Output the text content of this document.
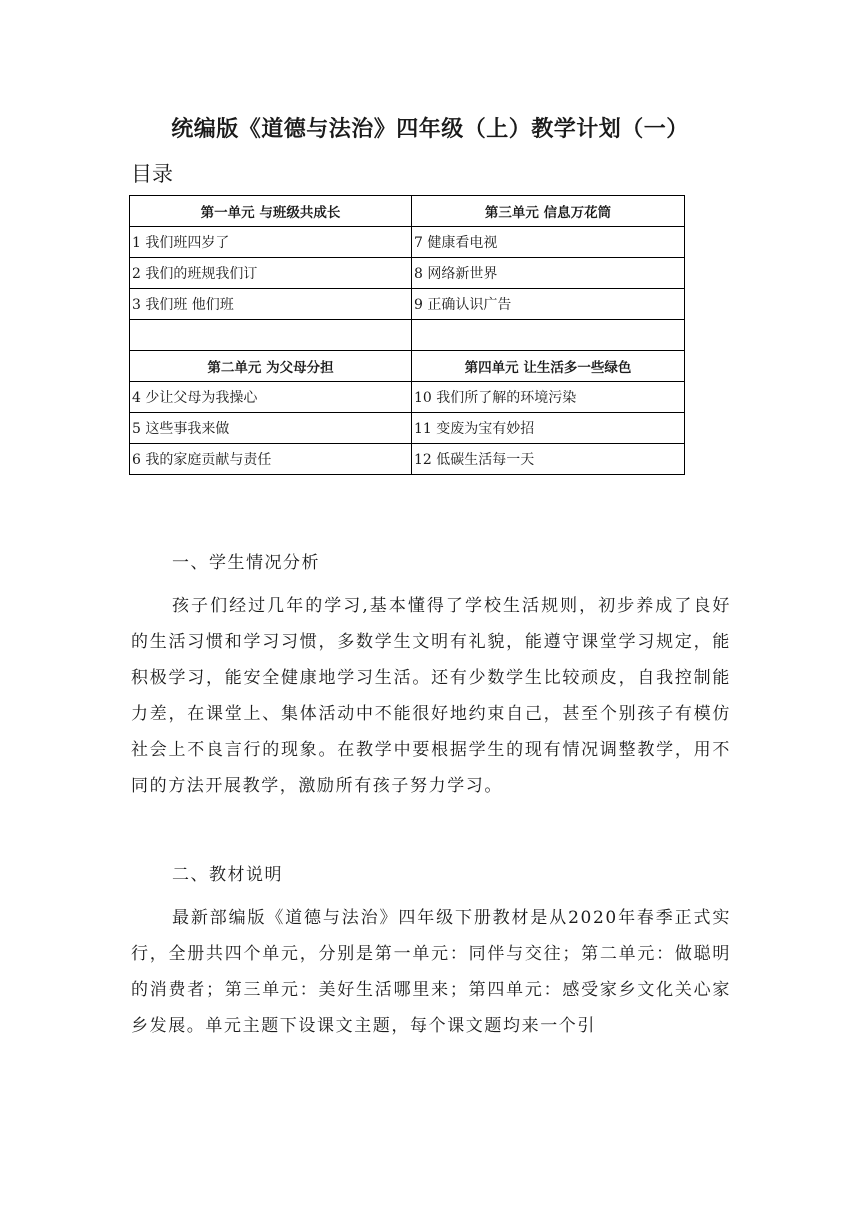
统编版《道德与法治》四年级（上）教学计划（一）

目录

第一单元 与班级共成长	第三单元 信息万花筒
1 我们班四岁了	7 健康看电视
2 我们的班规我们订	8 网络新世界
3 我们班 他们班	9 正确认识广告

第二单元 为父母分担	第四单元 让生活多一些绿色
4 少让父母为我操心	10 我们所了解的环境污染
5 这些事我来做	11 变废为宝有妙招
6 我的家庭贡献与责任	12 低碳生活每一天

一、学生情况分析

孩子们经过几年的学习,基本懂得了学校生活规则，初步养成了良好的生活习惯和学习习惯，多数学生文明有礼貌，能遵守课堂学习规定，能积极学习，能安全健康地学习生活。还有少数学生比较顽皮，自我控制能力差，在课堂上、集体活动中不能很好地约束自己，甚至个别孩子有模仿社会上不良言行的现象。在教学中要根据学生的现有情况调整教学，用不同的方法开展教学，激励所有孩子努力学习。

二、教材说明

最新部编版《道德与法治》四年级下册教材是从2020年春季正式实行，全册共四个单元，分别是第一单元：同伴与交往；第二单元：做聪明的消费者；第三单元：美好生活哪里来；第四单元：感受家乡文化关心家乡发展。单元主题下设课文主题，每个课文题均来一个引
